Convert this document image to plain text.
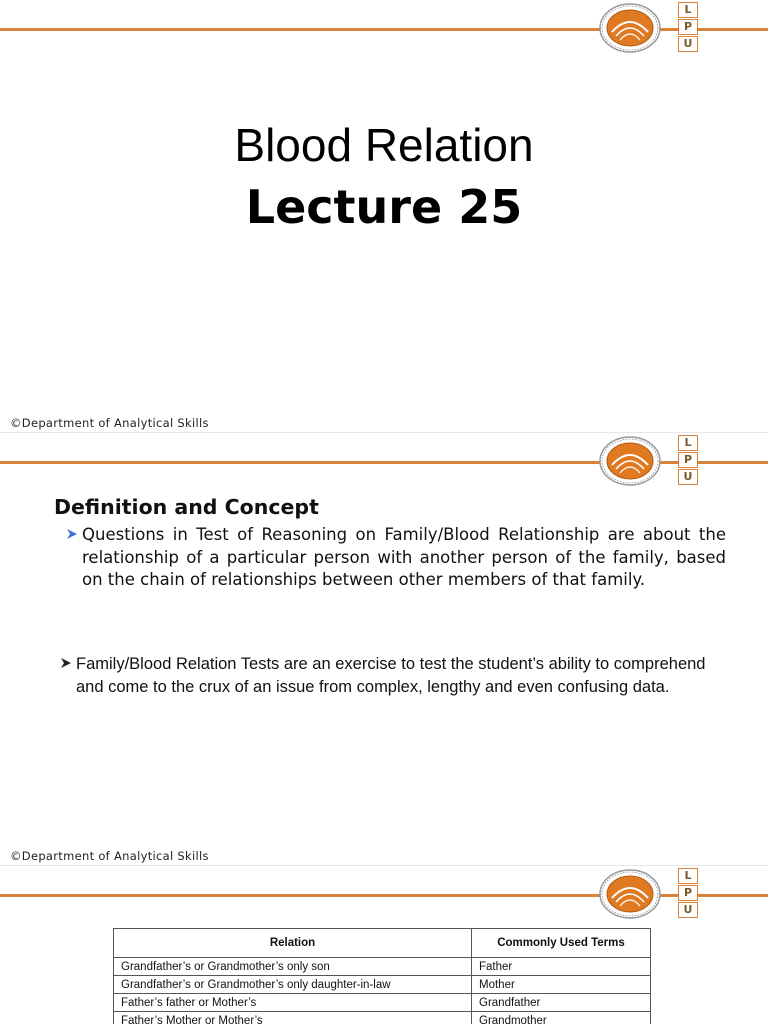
L
P
U
Blood Relation
Lecture 25
©Department of Analytical Skills
L
P
U
Definition and Concept
Questions in Test of Reasoning on Family/Blood Relationship are about the relationship of a particular person with another person of the family, based on the chain of relationships between other members of that family.
Family/Blood Relation Tests are an exercise to test the student’s ability to comprehend and come to the crux of an issue from complex, lengthy and even confusing data.
©Department of Analytical Skills
L
P
U
Relation	Commonly Used Terms
Grandfather’s or Grandmother’s only son	Father
Grandfather’s or Grandmother’s only daughter-in-law	Mother
Father’s father or Mother’s	Grandfather
Father’s Mother or Mother’s	Grandmother
